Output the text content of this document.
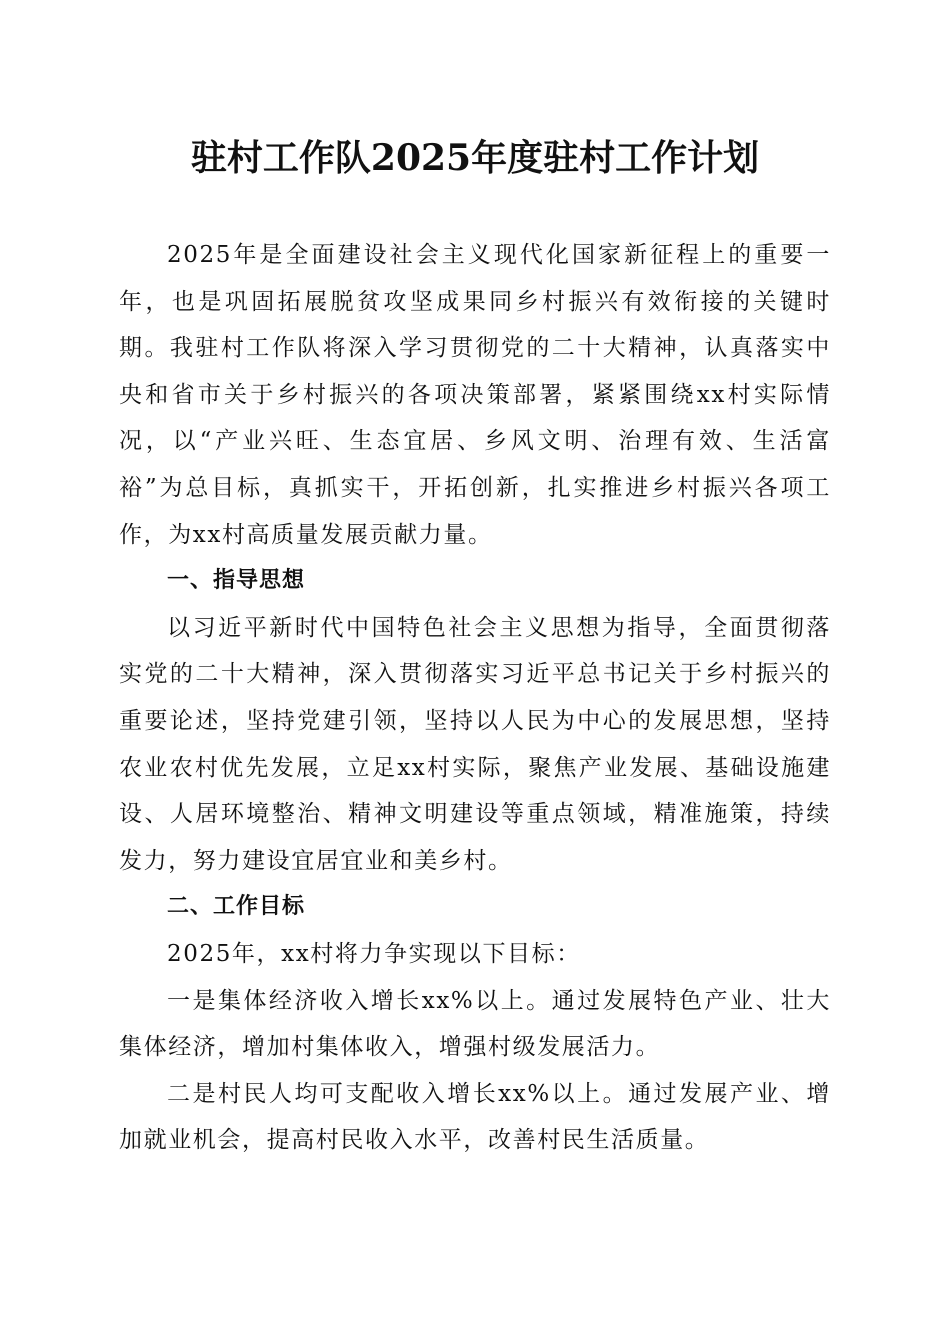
驻村工作队2025年度驻村工作计划

2025年是全面建设社会主义现代化国家新征程上的重要一年，也是巩固拓展脱贫攻坚成果同乡村振兴有效衔接的关键时期。我驻村工作队将深入学习贯彻党的二十大精神，认真落实中央和省市关于乡村振兴的各项决策部署，紧紧围绕xx村实际情况，以“产业兴旺、生态宜居、乡风文明、治理有效、生活富裕”为总目标，真抓实干，开拓创新，扎实推进乡村振兴各项工作，为xx村高质量发展贡献力量。

一、指导思想

以习近平新时代中国特色社会主义思想为指导，全面贯彻落实党的二十大精神，深入贯彻落实习近平总书记关于乡村振兴的重要论述，坚持党建引领，坚持以人民为中心的发展思想，坚持农业农村优先发展，立足xx村实际，聚焦产业发展、基础设施建设、人居环境整治、精神文明建设等重点领域，精准施策，持续发力，努力建设宜居宜业和美乡村。

二、工作目标

2025年，xx村将力争实现以下目标：

一是集体经济收入增长xx%以上。通过发展特色产业、壮大集体经济，增加村集体收入，增强村级发展活力。

二是村民人均可支配收入增长xx%以上。通过发展产业、增加就业机会，提高村民收入水平，改善村民生活质量。
